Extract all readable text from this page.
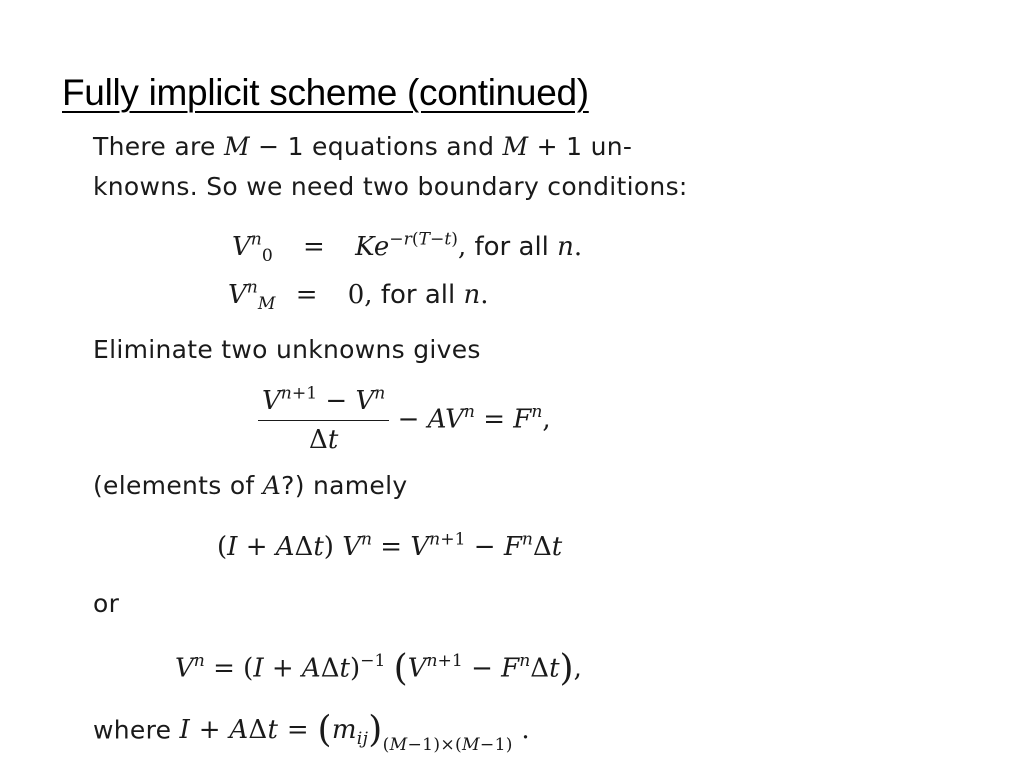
Fully implicit scheme (continued)
There are M − 1 equations and M + 1 un-
knowns. So we need two boundary conditions:
$V^n_0 = Ke^{-r(T-t)}$, for all n.
$V^n_M = 0$, for all n.
Eliminate two unknowns gives
$\frac{V^{n+1} - V^n}{\Delta t} - AV^n = F^n$,
(elements of A?) namely
(I + AΔt) $V^n = V^{n+1} - F^n\Delta t$
or
$V^n = (I + A\Delta t)^{-1}$ $(V^{n+1} - F^n\Delta t)$,
where $I + A\Delta t = (m_{ij})_{(M-1)\times(M-1)}$ .
